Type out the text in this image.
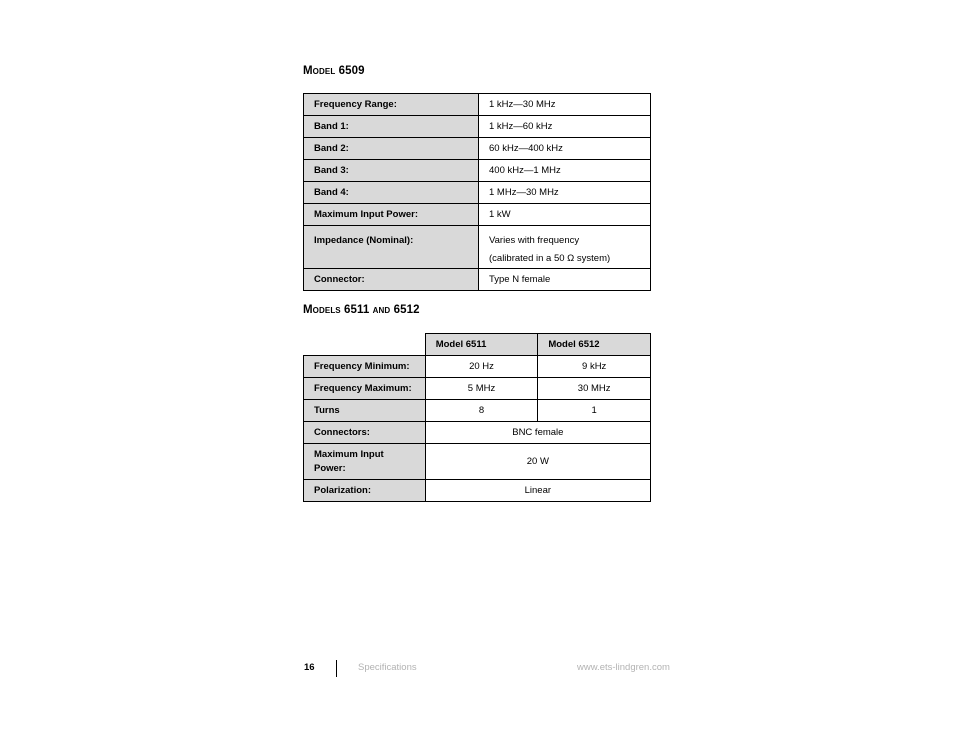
Model 6509
Frequency Range:	1 kHz—30 MHz
Band 1:	1 kHz—60 kHz
Band 2:	60 kHz—400 kHz
Band 3:	400 kHz—1 MHz
Band 4:	1 MHz—30 MHz
Maximum Input Power:	1 kW
Impedance (Nominal):	Varies with frequency
(calibrated in a 50 Ω system)
Connector:	Type N female
Models 6511 and 6512
	Model 6511	Model 6512
Frequency Minimum:	20 Hz	9 kHz
Frequency Maximum:	5 MHz	30 MHz
Turns	8	1
Connectors:	BNC female	
Maximum Input
Power:	20 W	
Polarization:	Linear	
16	Specifications	www.ets-lindgren.com
